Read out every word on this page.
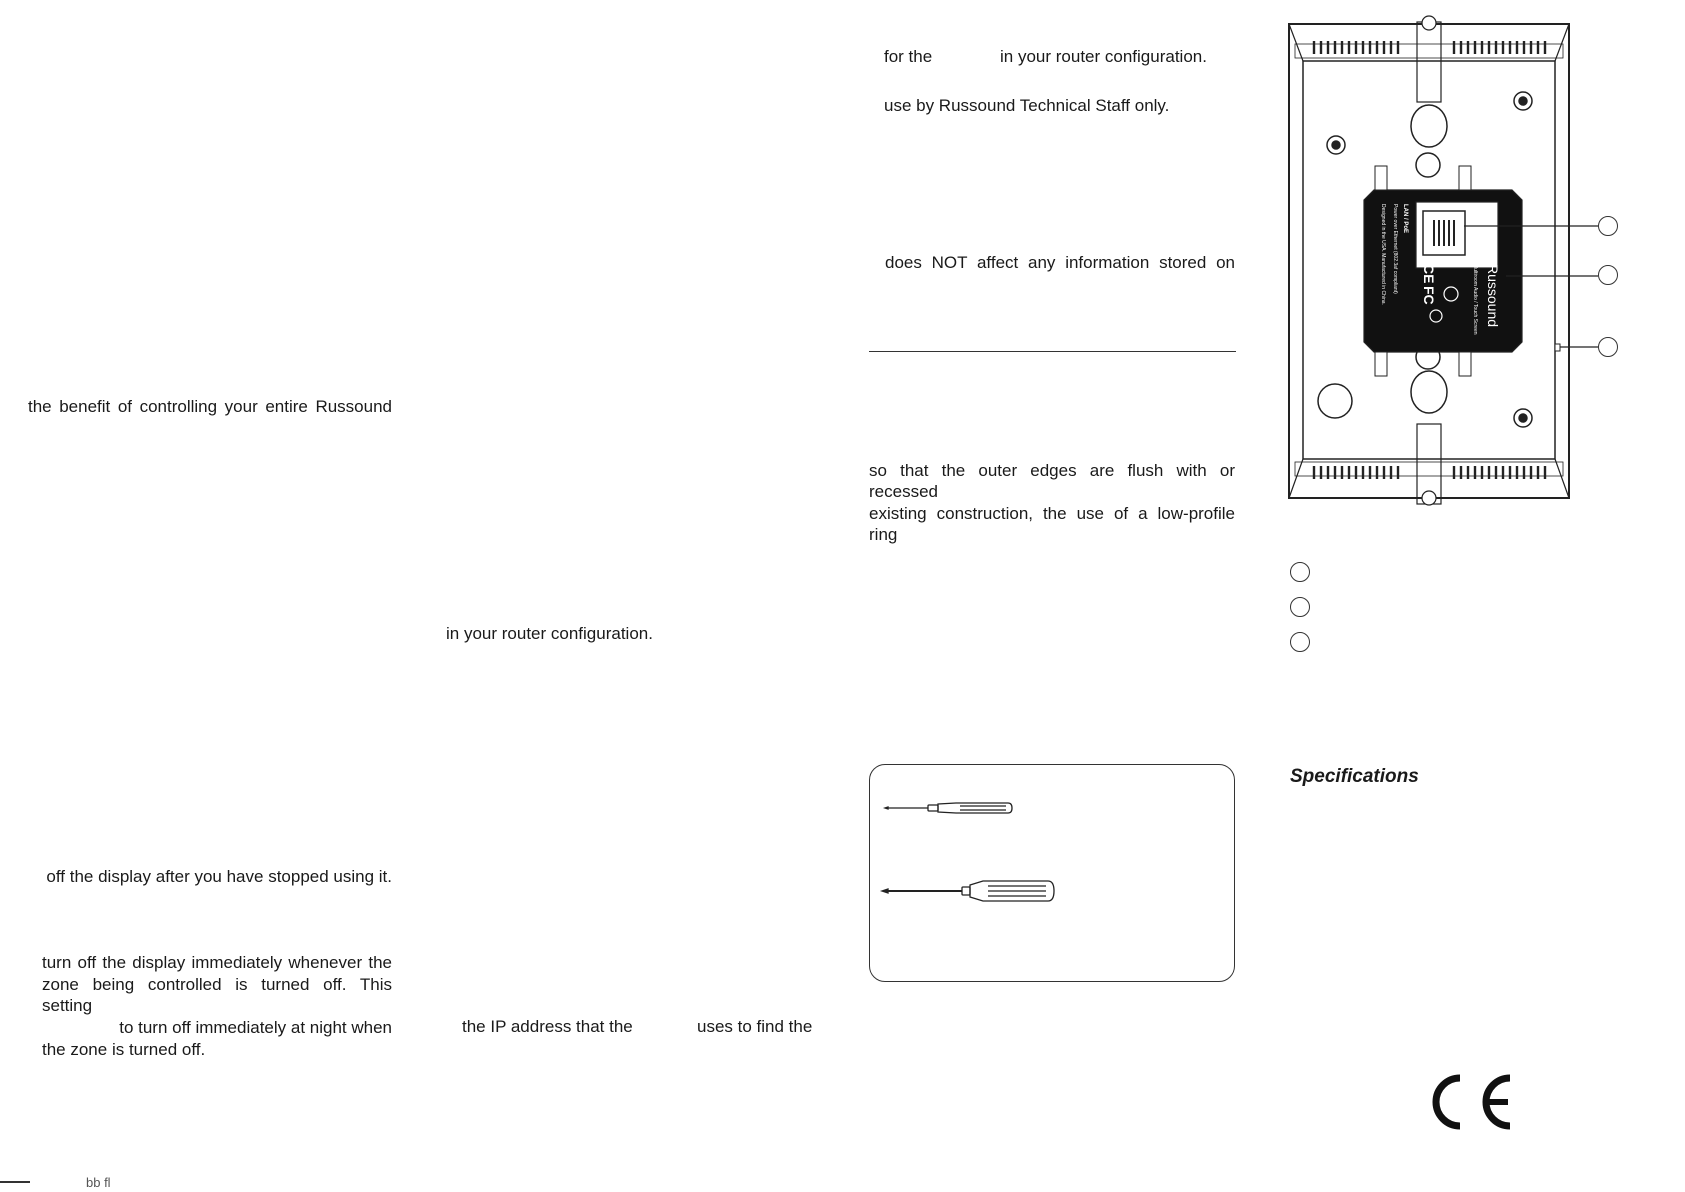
the benefit of controlling your entire Russound
off the display after you have stopped using it.
turn off the display immediately whenever the
zone being controlled is turned off. This setting
to turn off immediately at night when
the zone is turned off.
bb fl
in your router configuration.
the IP address that the	uses to find the
for the	in your router configuration.
use by Russound Technical Staff only.
does NOT affect any information stored on
so that the outer edges are flush with or recessed
existing construction, the use of a low-profile ring
Russound
Multiroom Audio / Touch Screen
LAN / PoE
Power over Ethernet (802.3af compliant)
Designed in the USA. Manufactured in China.	CE
FC
Specifications
